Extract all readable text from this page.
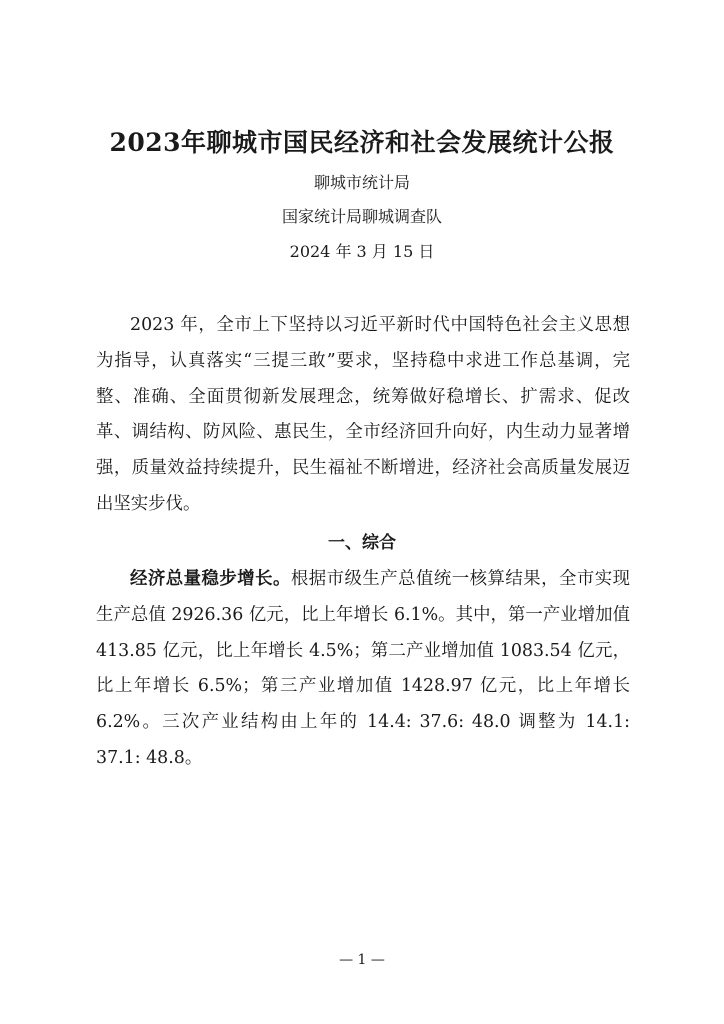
2023年聊城市国民经济和社会发展统计公报
聊城市统计局
国家统计局聊城调查队
2024 年 3 月 15 日

2023 年，全市上下坚持以习近平新时代中国特色社会主义思想为指导，认真落实“三提三敢”要求，坚持稳中求进工作总基调，完整、准确、全面贯彻新发展理念，统筹做好稳增长、扩需求、促改革、调结构、防风险、惠民生，全市经济回升向好，内生动力显著增强，质量效益持续提升，民生福祉不断增进，经济社会高质量发展迈出坚实步伐。

一、综合

经济总量稳步增长。根据市级生产总值统一核算结果，全市实现生产总值 2926.36 亿元，比上年增长 6.1%。其中，第一产业增加值 413.85 亿元，比上年增长 4.5%；第二产业增加值 1083.54 亿元，比上年增长 6.5%；第三产业增加值 1428.97 亿元，比上年增长 6.2%。三次产业结构由上年的 14.4: 37.6: 48.0 调整为 14.1: 37.1: 48.8。

— 1 —
